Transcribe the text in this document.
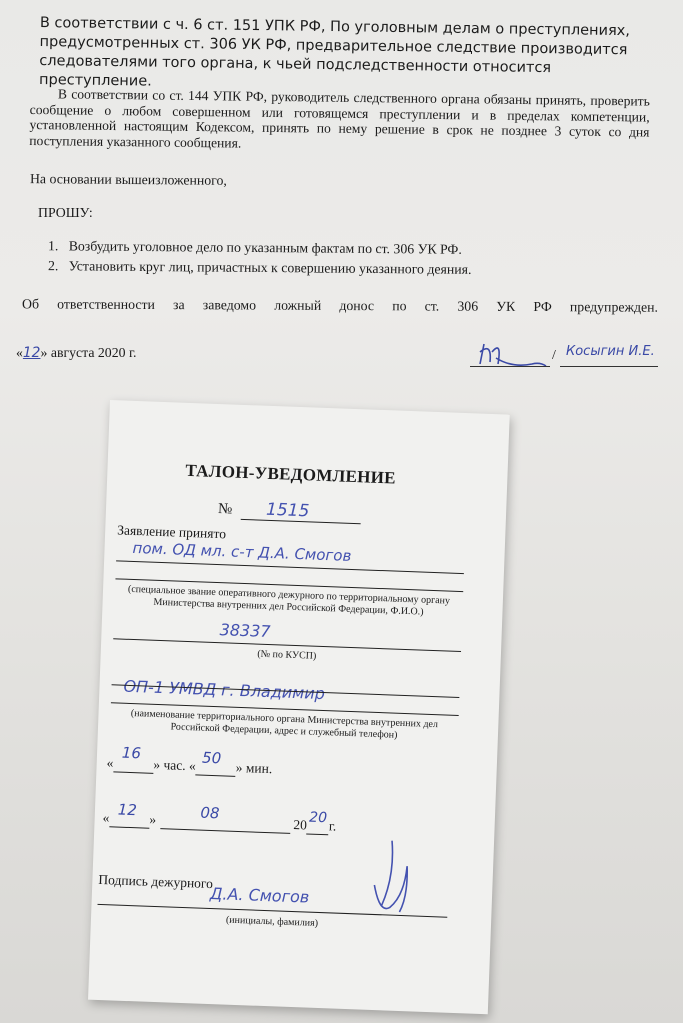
В соответствии с ч. 6 ст. 151 УПК РФ, По уголовным делам о преступлениях, предусмотренных ст. 306 УК РФ, предварительное следствие производится следователями того органа, к чьей подследственности относится преступление.
В соответствии со ст. 144 УПК РФ, руководитель следственного органа обязаны принять, проверить сообщение о любом совершенном или готовящемся преступлении и в пределах компетенции, установленной настоящим Кодексом, принять по нему решение в срок не позднее 3 суток со дня поступления указанного сообщения.
На основании вышеизложенного,
ПРОШУ:
1. Возбудить уголовное дело по указанным фактам по ст. 306 УК РФ.
2. Установить круг лиц, причастных к совершению указанного деяния.
Об ответственности за заведомо ложный донос по ст. 306 УК РФ предупрежден.
«12» августа 2020 г.	/ Косыгин И.Е.
ТАЛОН-УВЕДОМЛЕНИЕ
№ 1515
Заявление принято
пом. ОД мл. с-т Д.А. Смогов
(специальное звание оперативного дежурного по территориальному органу Министерства внутренних дел Российской Федерации, Ф.И.О.)
38337
(№ по КУСП)
ОП-1 УМВД г. Владимир
(наименование территориального органа Министерства внутренних дел Российской Федерации, адрес и служебный телефон)
«
16
» час. « 50
» мин.
« 12
»	08
20 20 г.
Подпись дежурного
Д.А. Смогов
(инициалы, фамилия)
